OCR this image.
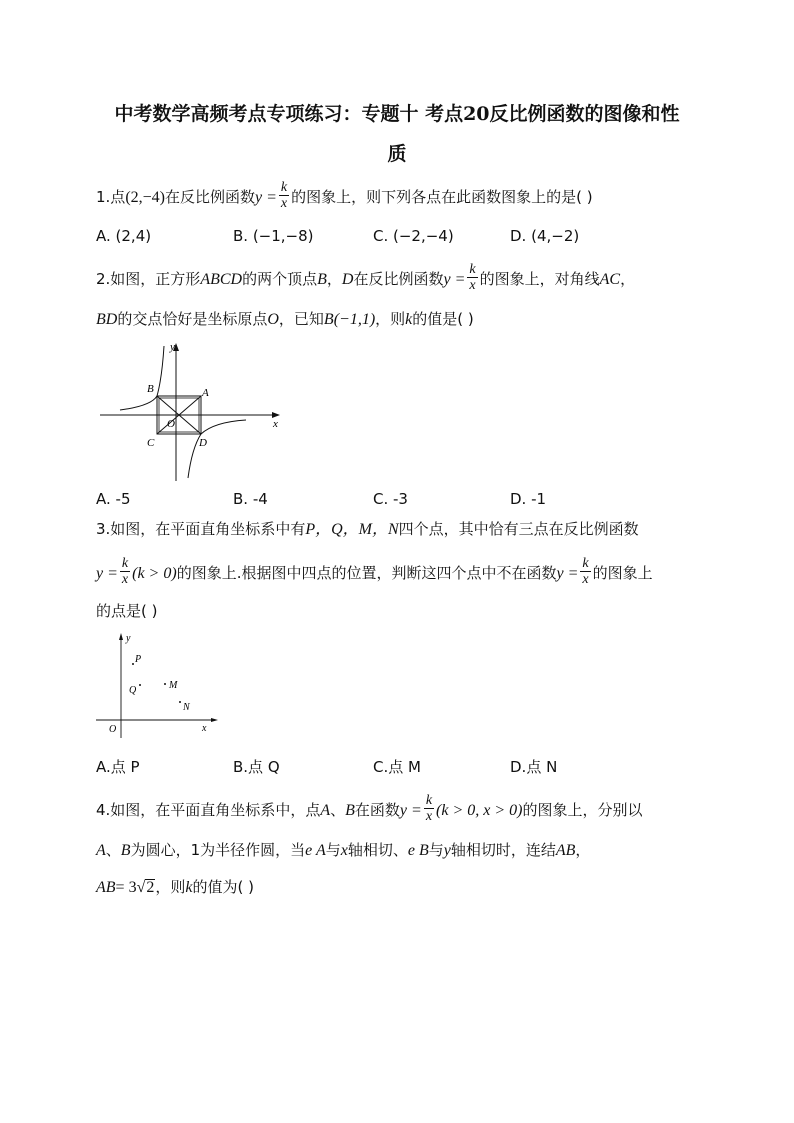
中考数学高频考点专项练习：专题十 考点20反比例函数的图像和性
质
1.点(2,−4)在反比例函数$y = \frac{k}{x}$ 的图象上，则下列各点在此函数图象上的是( )
A. (2,4)	B. (−1,−8)	C. (−2,−4)	D. (4,−2)
2.如图，正方形ABCD的两个顶点B，D在反比例函数$y = \frac{k}{x}$ 的图象上，对角线AC，
BD的交点恰好是坐标原点O，已知B(−1,1)，则k的值是( )
y
x
A
B
C	D
O
A. -5	B. -4	C. -3	D. -1
3.如图，在平面直角坐标系中有P，Q，M，N四个点，其中恰有三点在反比例函数
$y = \frac{k}{x} (k > 0)$的图象上.根据图中四点的位置，判断这四个点中不在函数$y = \frac{k}{x}$ 的图象上
的点是( )
y
x
O
P
Q	M
N
A.点 P	B.点 Q	C.点 M	D.点 N
4.如图，在平面直角坐标系中，点A、B在函数$y = \frac{k}{x} (k > 0$, x > 0)的图象上，分别以
A、B为圆心，1为半径作圆，当e A与x轴相切、e B与y轴相切时，连结AB，
AB= 3√2，则k的值为( )
